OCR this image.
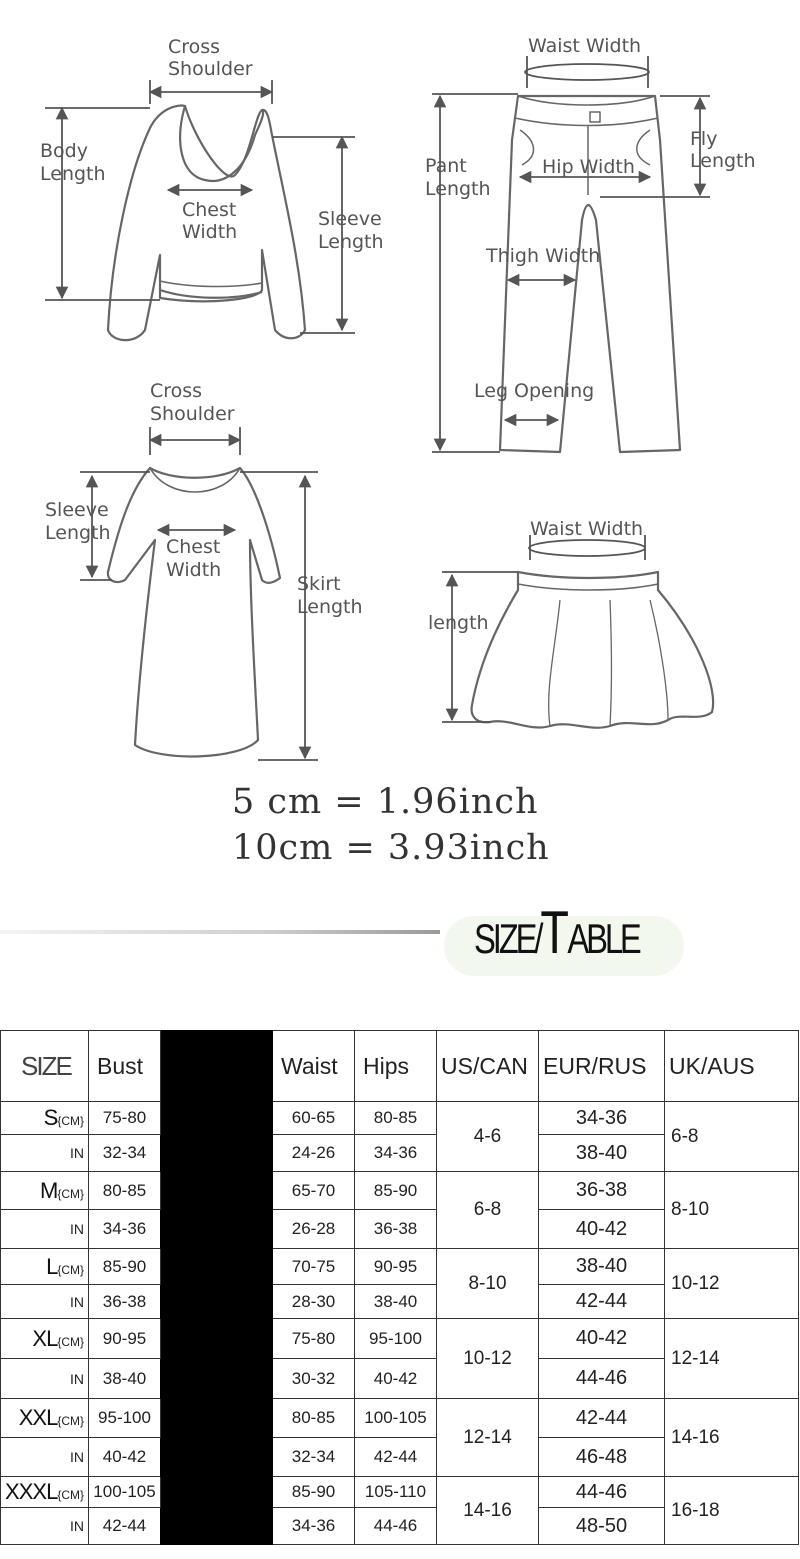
Cross
Shoulder
Body
Length
Chest
Width
Sleeve
Length
Waist Width
Fly
Length
Pant
Length
Hip Width
Thigh Width
Leg Opening
Cross
Shoulder
Sleeve
Length
Chest
Width
Skirt
Length
Waist Width
length
5 cm = 1.96inch
10cm = 3.93inch
SIZE/TABLE
SIZE	Bust		Waist	Hips	US/CAN	EUR/RUS	UK/AUS
S{CM}	75-80		60-65	80-85	4-6	34-36	6-8
IN	32-34		24-26	34-36		38-40	
M{CM}	80-85		65-70	85-90	6-8	36-38	8-10
IN	34-36		26-28	36-38		40-42	
L{CM}	85-90		70-75	90-95	8-10	38-40	10-12
IN	36-38		28-30	38-40		42-44	
XL{CM}	90-95		75-80	95-100	10-12	40-42	12-14
IN	38-40		30-32	40-42		44-46	
XXL{CM}	95-100		80-85	100-105	12-14	42-44	14-16
IN	40-42		32-34	42-44		46-48	
XXXL{CM}	100-105		85-90	105-110	14-16	44-46	16-18
IN	42-44		34-36	44-46		48-50	
